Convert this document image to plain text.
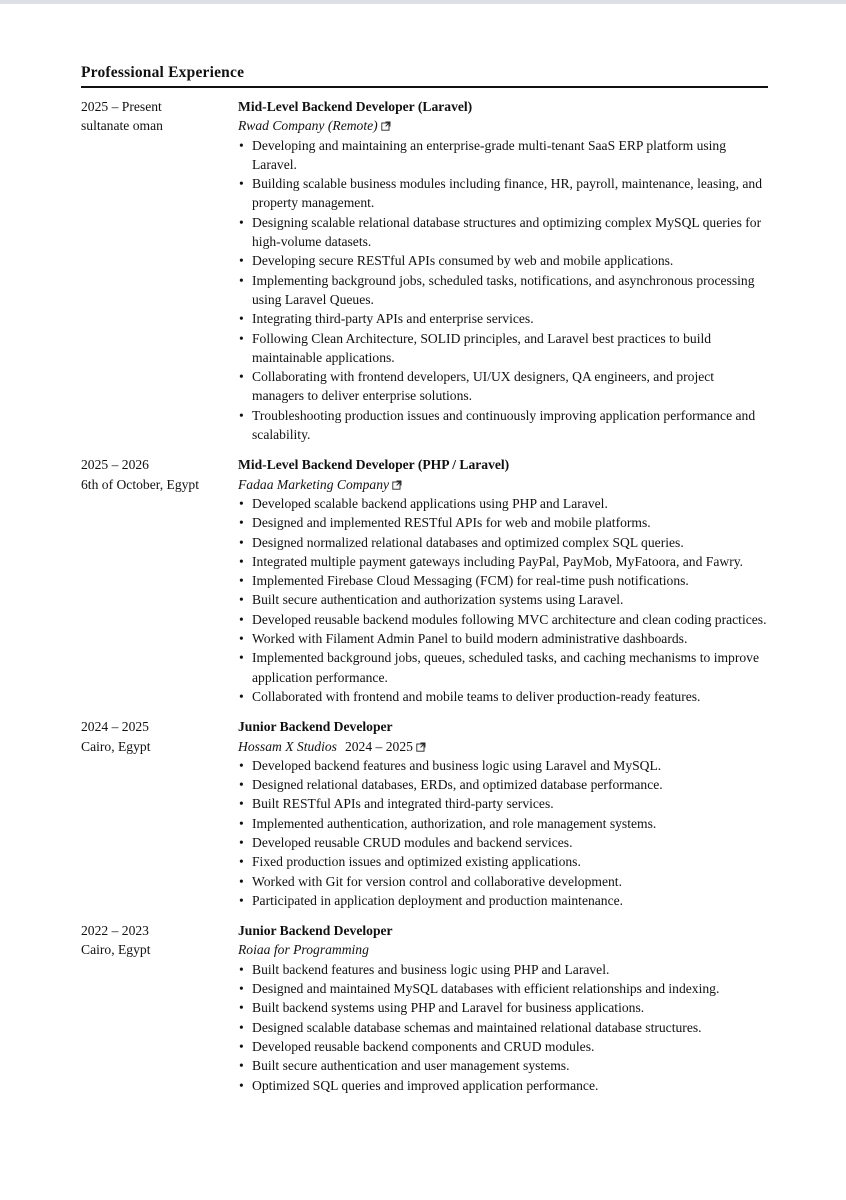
Professional Experience
2025 – Present
sultanate oman
Mid-Level Backend Developer (Laravel)
Rwad Company (Remote)
• Developing and maintaining an enterprise-grade multi-tenant SaaS ERP platform using Laravel.
• Building scalable business modules including finance, HR, payroll, maintenance, leasing, and property management.
• Designing scalable relational database structures and optimizing complex MySQL queries for high-volume datasets.
• Developing secure RESTful APIs consumed by web and mobile applications.
• Implementing background jobs, scheduled tasks, notifications, and asynchronous processing using Laravel Queues.
• Integrating third-party APIs and enterprise services.
• Following Clean Architecture, SOLID principles, and Laravel best practices to build maintainable applications.
• Collaborating with frontend developers, UI/UX designers, QA engineers, and project managers to deliver enterprise solutions.
• Troubleshooting production issues and continuously improving application performance and scalability.
2025 – 2026
6th of October, Egypt
Mid-Level Backend Developer (PHP / Laravel)
Fadaa Marketing Company
• Developed scalable backend applications using PHP and Laravel.
• Designed and implemented RESTful APIs for web and mobile platforms.
• Designed normalized relational databases and optimized complex SQL queries.
• Integrated multiple payment gateways including PayPal, PayMob, MyFatoora, and Fawry.
• Implemented Firebase Cloud Messaging (FCM) for real-time push notifications.
• Built secure authentication and authorization systems using Laravel.
• Developed reusable backend modules following MVC architecture and clean coding practices.
• Worked with Filament Admin Panel to build modern administrative dashboards.
• Implemented background jobs, queues, scheduled tasks, and caching mechanisms to improve application performance.
• Collaborated with frontend and mobile teams to deliver production-ready features.
2024 – 2025
Cairo, Egypt
Junior Backend Developer
Hossam X Studios 2024 – 2025
• Developed backend features and business logic using Laravel and MySQL.
• Designed relational databases, ERDs, and optimized database performance.
• Built RESTful APIs and integrated third-party services.
• Implemented authentication, authorization, and role management systems.
• Developed reusable CRUD modules and backend services.
• Fixed production issues and optimized existing applications.
• Worked with Git for version control and collaborative development.
• Participated in application deployment and production maintenance.
2022 – 2023
Cairo, Egypt
Junior Backend Developer
Roiaa for Programming
• Built backend features and business logic using PHP and Laravel.
• Designed and maintained MySQL databases with efficient relationships and indexing.
• Built backend systems using PHP and Laravel for business applications.
• Designed scalable database schemas and maintained relational database structures.
• Developed reusable backend components and CRUD modules.
• Built secure authentication and user management systems.
• Optimized SQL queries and improved application performance.
